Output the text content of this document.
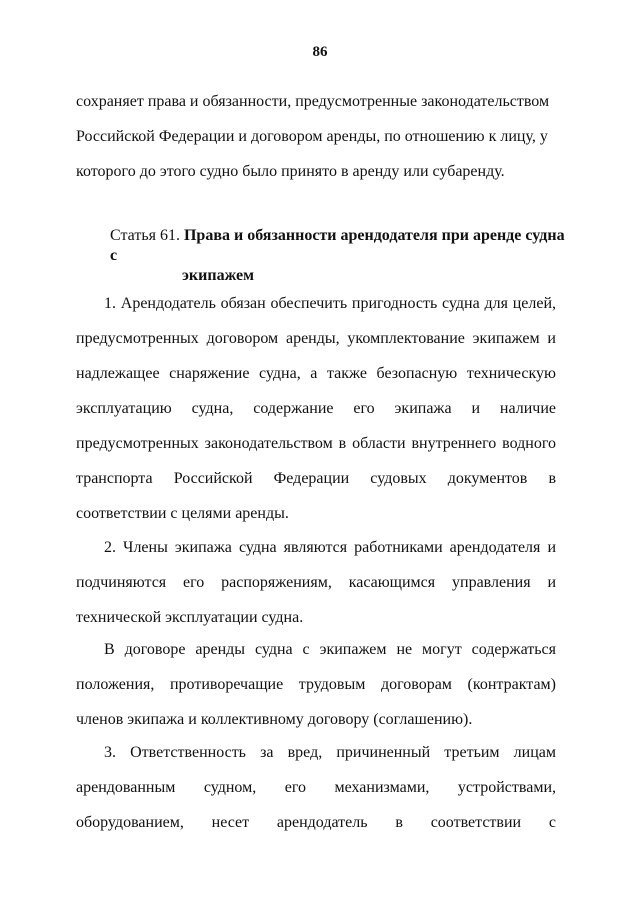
86
сохраняет права и обязанности, предусмотренные законодательством
Российской Федерации и договором аренды, по отношению к лицу, у
которого до этого судно было принято в аренду или субаренду.
Статья 61. Права и обязанности арендодателя при аренде судна с
экипажем
1. Арендодатель обязан обеспечить пригодность судна для целей,
предусмотренных договором аренды, укомплектование экипажем и
надлежащее снаряжение судна, а также безопасную техническую
эксплуатацию судна, содержание его экипажа и наличие
предусмотренных законодательством в области внутреннего водного
транспорта Российской Федерации судовых документов в
соответствии с целями аренды.
2. Члены экипажа судна являются работниками арендодателя и
подчиняются его распоряжениям, касающимся управления и
технической эксплуатации судна.
В договоре аренды судна с экипажем не могут содержаться
положения, противоречащие трудовым договорам (контрактам)
членов экипажа и коллективному договору (соглашению).
3. Ответственность за вред, причиненный третьим лицам
арендованным судном, его механизмами, устройствами,
оборудованием, несет арендодатель в соответствии с
